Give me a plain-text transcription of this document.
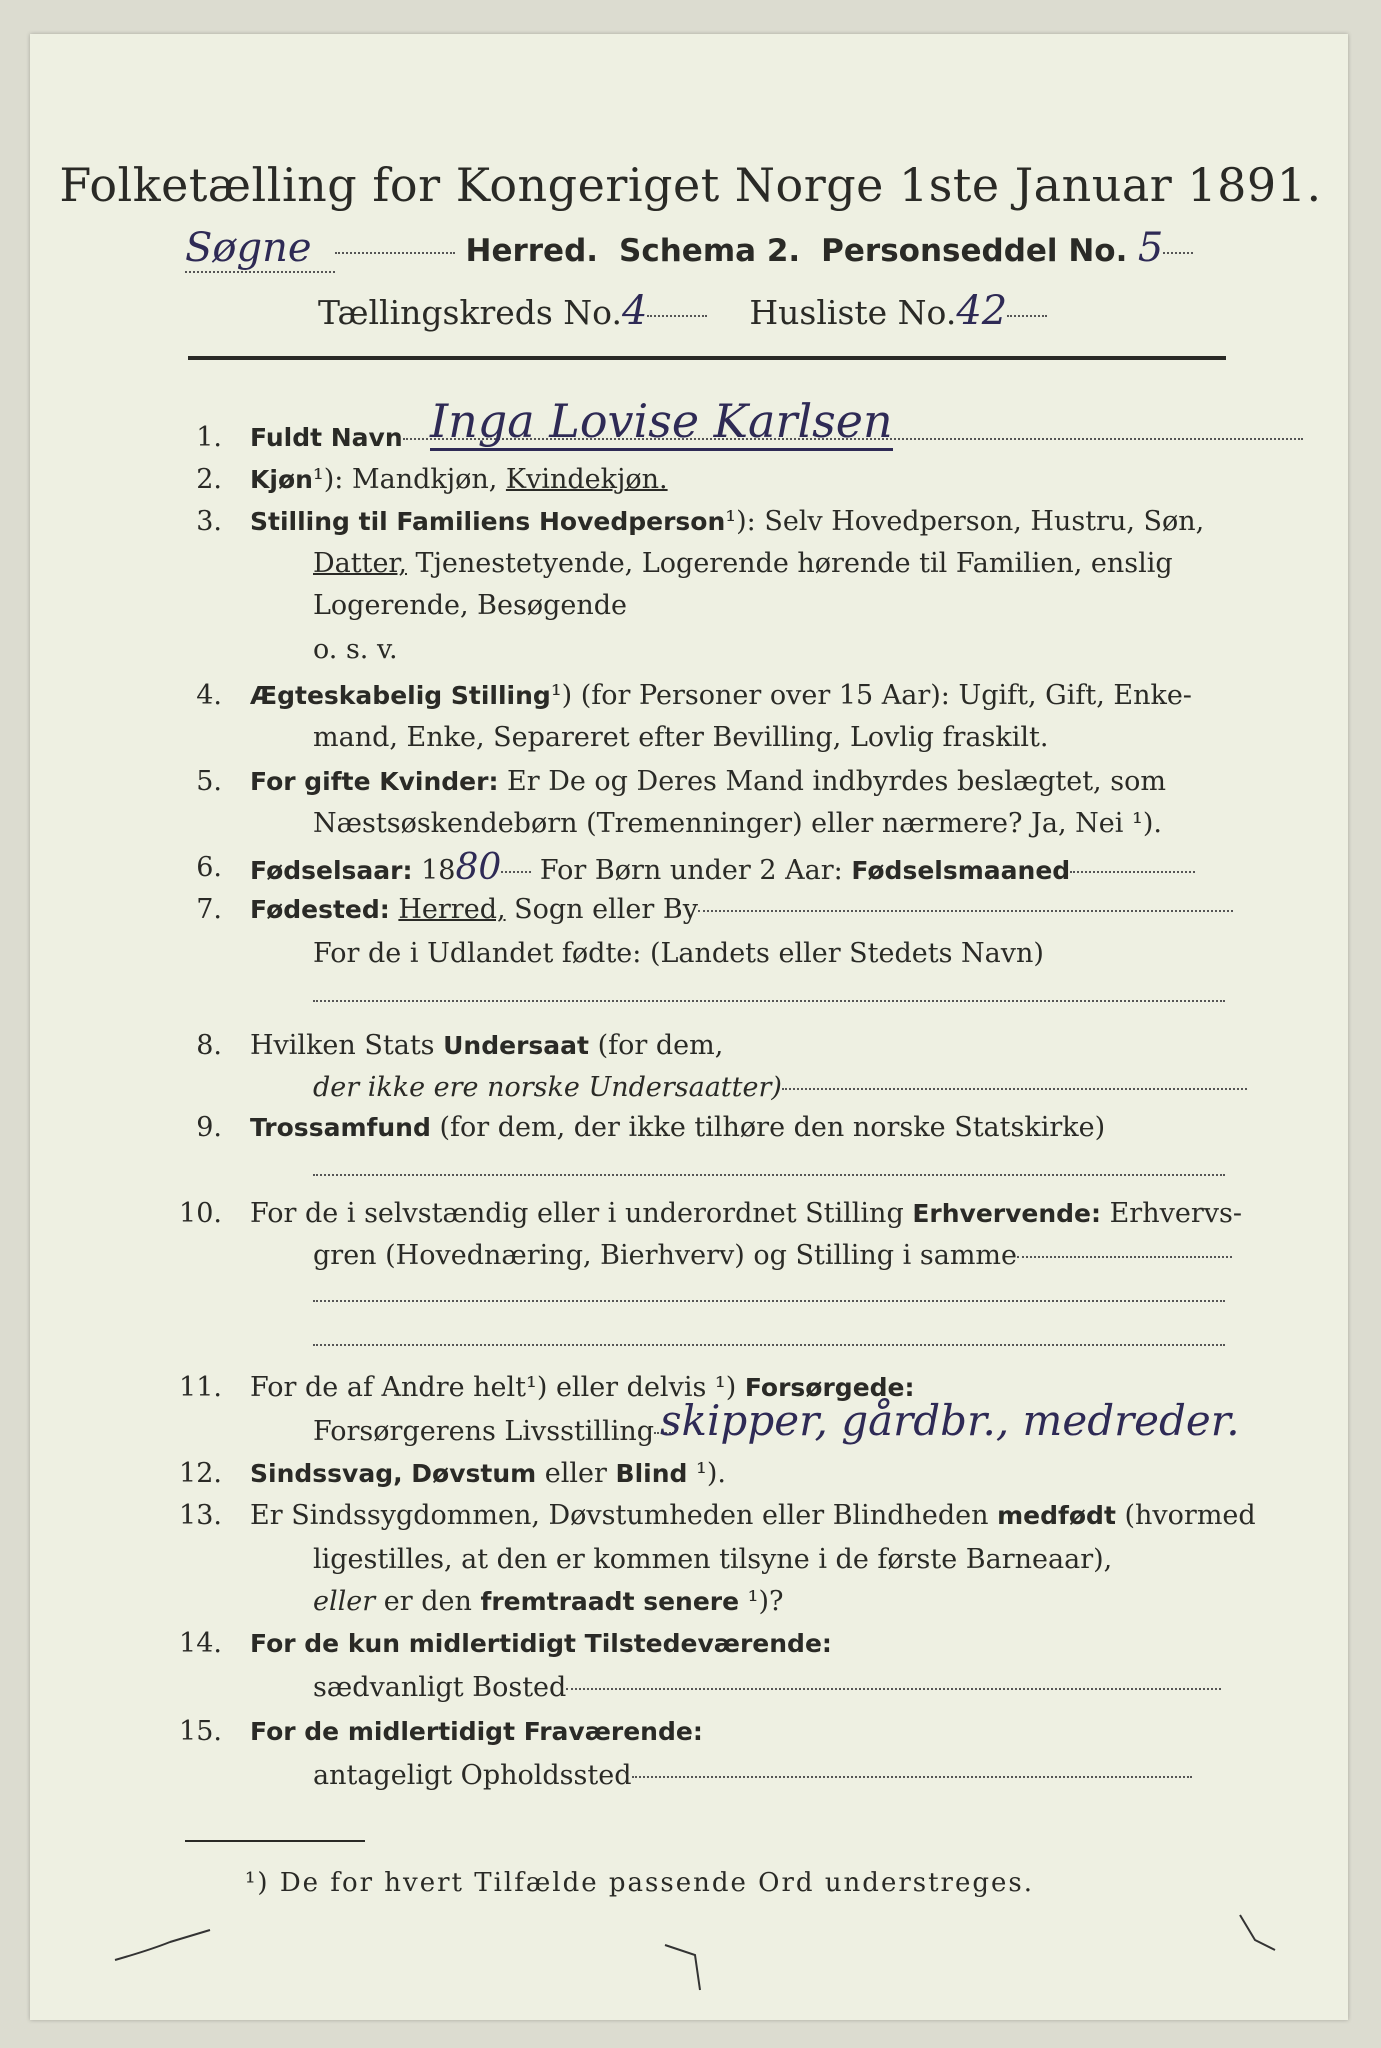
Folketælling for Kongeriget Norge 1ste Januar 1891.
Søgne	Herred. Schema 2. Personseddel No. 5
Tællingskreds No.4	Husliste No.42
1. Fuldt Navn Inga Lovise Karlsen
2. Kjøn¹): Mandkjøn, Kvindekjøn.
3. Stilling til Familiens Hovedperson¹): Selv Hovedperson, Hustru, Søn,
Datter, Tjenestetyende, Logerende hørende til Familien, enslig
Logerende, Besøgende
o. s. v.
4. Ægteskabelig Stilling¹) (for Personer over 15 Aar): Ugift, Gift, Enke-
mand, Enke, Separeret efter Bevilling, Lovlig fraskilt.
5. For gifte Kvinder: Er De og Deres Mand indbyrdes beslægtet, som
Næstsøskendebørn (Tremenninger) eller nærmere? Ja, Nei ¹).
6. Fødselsaar: 1880 For Børn under 2 Aar: Fødselsmaaned
7. Fødested: Herred, Sogn eller By
For de i Udlandet fødte: (Landets eller Stedets Navn)
8. Hvilken Stats Undersaat (for dem,
der ikke ere norske Undersaatter)
9. Trossamfund (for dem, der ikke tilhøre den norske Statskirke)
10. For de i selvstændig eller i underordnet Stilling Erhvervende: Erhvervs-
gren (Hovednæring, Bierhverv) og Stilling i samme
11. For de af Andre helt¹) eller delvis ¹) Forsørgede:
Forsørgerens Livsstilling skipper, gårdbr., medreder.
12. Sindssvag, Døvstum eller Blind ¹).
13. Er Sindssygdommen, Døvstumheden eller Blindheden medfødt (hvormed
ligestilles, at den er kommen tilsyne i de første Barneaar),
eller er den fremtraadt senere ¹)?
14. For de kun midlertidigt Tilstedeværende:
sædvanligt Bosted
15. For de midlertidigt Fraværende:
antageligt Opholdssted
¹) De for hvert Tilfælde passende Ord understreges.
